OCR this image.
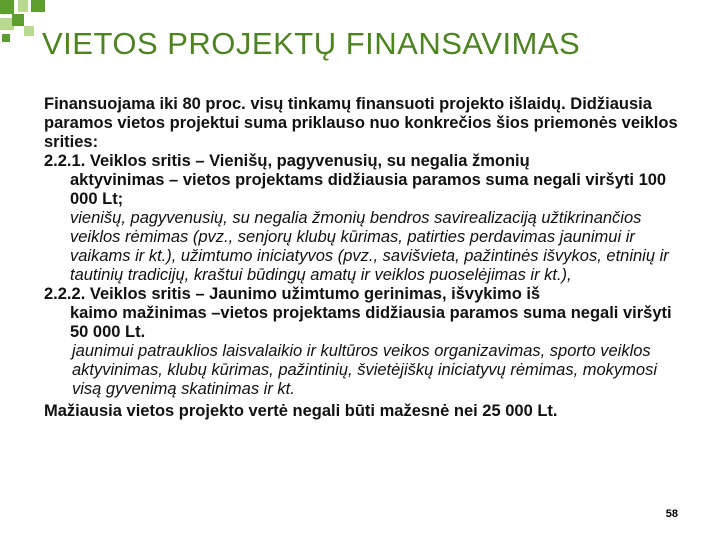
VIETOS PROJEKTŲ FINANSAVIMAS

Finansuojama iki 80 proc. visų tinkamų finansuoti projekto išlaidų. Didžiausia paramos vietos projektui suma priklauso nuo konkrečios šios priemonės veiklos srities:

2.2.1. Veiklos sritis – Vienišų, pagyvenusių, su negalia žmonių

aktyvinimas – vietos projektams didžiausia paramos suma negali viršyti 100 000 Lt;

vienišų, pagyvenusių, su negalia žmonių bendros savirealizaciją užtikrinančios veiklos rėmimas (pvz., senjorų klubų kūrimas, patirties perdavimas jaunimui ir vaikams ir kt.), užimtumo iniciatyvos (pvz., savišvieta, pažintinės išvykos, etninių ir tautinių tradicijų, kraštui būdingų amatų ir veiklos puoselėjimas ir kt.),

2.2.2. Veiklos sritis – Jaunimo užimtumo gerinimas, išvykimo iš

kaimo mažinimas –vietos projektams didžiausia paramos suma negali viršyti 50 000 Lt.

jaunimui patrauklios laisvalaikio ir kultūros veikos organizavimas, sporto veiklos aktyvinimas, klubų kūrimas, pažintinių, švietėjiškų iniciatyvų rėmimas, mokymosi visą gyvenimą skatinimas ir kt.

Mažiausia vietos projekto vertė negali būti mažesnė nei 25 000 Lt.

58
